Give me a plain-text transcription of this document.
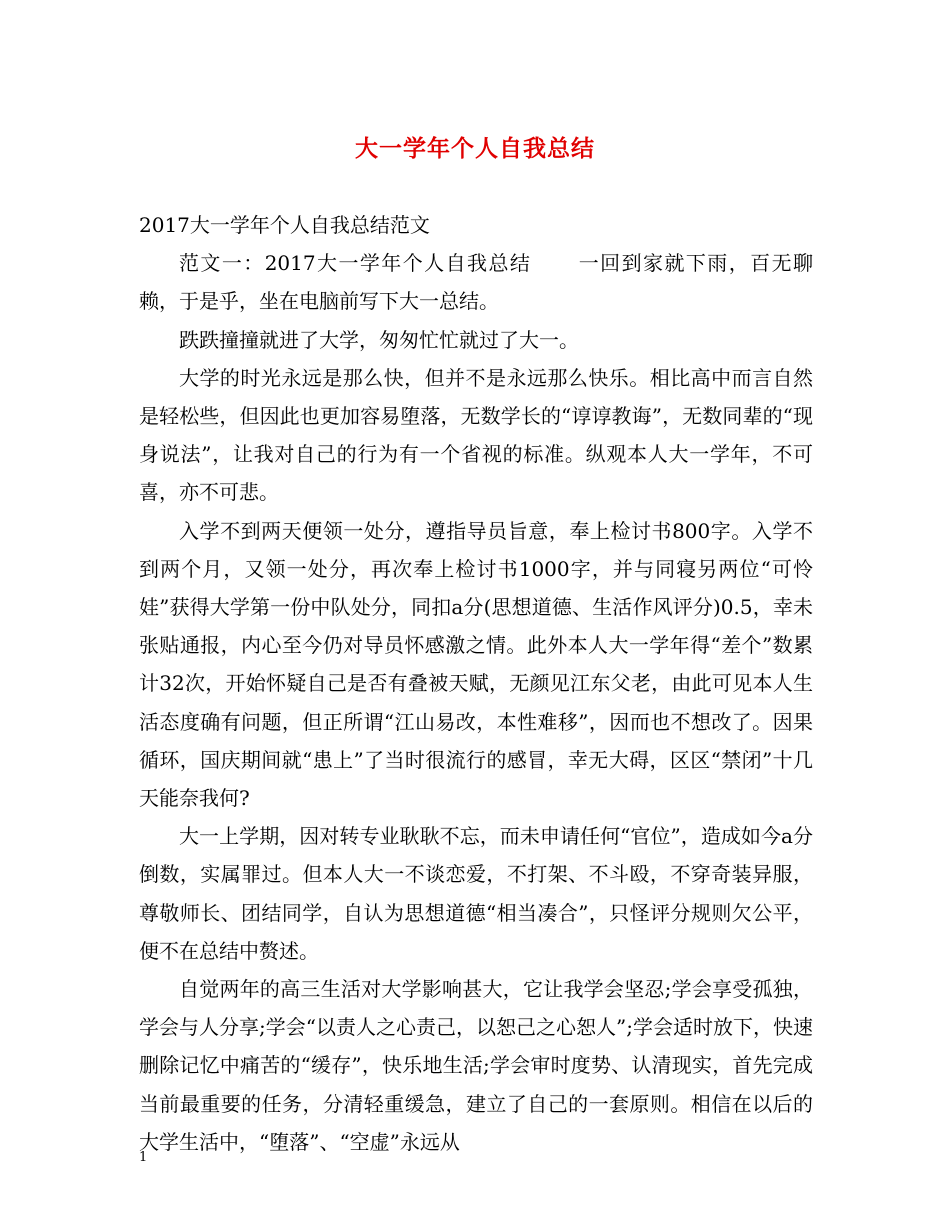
大一学年个人自我总结

2017大一学年个人自我总结范文

范文一：2017大一学年个人自我总结 一回到家就下雨，百无聊赖，于是乎，坐在电脑前写下大一总结。

跌跌撞撞就进了大学，匆匆忙忙就过了大一。

大学的时光永远是那么快，但并不是永远那么快乐。相比高中而言自然是轻松些，但因此也更加容易堕落，无数学长的“谆谆教诲”，无数同辈的“现身说法”，让我对自己的行为有一个省视的标准。纵观本人大一学年，不可喜，亦不可悲。

入学不到两天便领一处分，遵指导员旨意，奉上检讨书800字。入学不到两个月，又领一处分，再次奉上检讨书1000字，并与同寝另两位“可怜娃”获得大学第一份中队处分，同扣a分(思想道德、生活作风评分)0.5，幸未张贴通报，内心至今仍对导员怀感激之情。此外本人大一学年得“差个”数累计32次，开始怀疑自己是否有叠被天赋，无颜见江东父老，由此可见本人生活态度确有问题，但正所谓“江山易改，本性难移”，因而也不想改了。因果循环，国庆期间就“患上”了当时很流行的感冒，幸无大碍，区区“禁闭”十几天能奈我何?

大一上学期，因对转专业耿耿不忘，而未申请任何“官位”，造成如今a分倒数，实属罪过。但本人大一不谈恋爱，不打架、不斗殴，不穿奇装异服，尊敬师长、团结同学，自认为思想道德“相当凑合”，只怪评分规则欠公平，便不在总结中赘述。

自觉两年的高三生活对大学影响甚大，它让我学会坚忍;学会享受孤独，学会与人分享;学会“以责人之心责己，以恕己之心恕人”;学会适时放下，快速删除记忆中痛苦的“缓存”，快乐地生活;学会审时度势、认清现实，首先完成当前最重要的任务，分清轻重缓急，建立了自己的一套原则。相信在以后的大学生活中，“堕落”、“空虚”永远从

1
